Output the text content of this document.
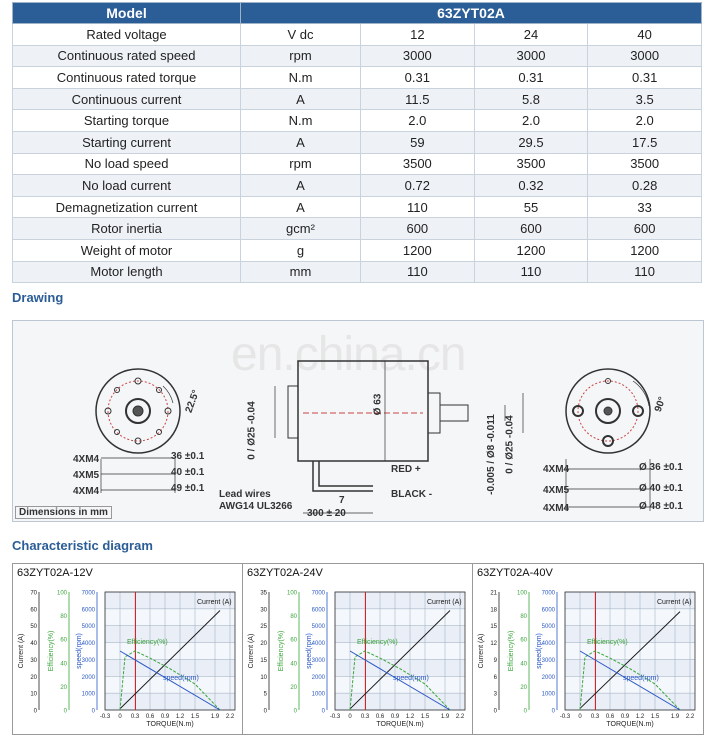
Model	63ZYT02A			
Rated voltage	V dc	12	24	40
Continuous rated speed	rpm	3000	3000	3000
Continuous rated torque	N.m	0.31	0.31	0.31
Continuous current	A	11.5	5.8	3.5
Starting torque	N.m	2.0	2.0	2.0
Starting current	A	59	29.5	17.5
No load speed	rpm	3500	3500	3500
No load current	A	0.72	0.32	0.28
Demagnetization current	A	110	55	33
Rotor inertia	gcm²	600	600	600
Weight of motor	g	1200	1200	1200
Motor length	mm	110	110	110
Drawing
en.china.cn
4XM4
4XM5
4XM4
36 ±0.1
40 ±0.1
49 ±0.1
22.5°	Ø 63
0 / Ø25 -0.04	-0.005 / Ø8 -0.011 0 / Ø25 -0.04
RED +
BLACK -
Lead wires
AWG14 UL3266
7
300 ± 20
4XM4
4XM5
4XM4
Ø 36 ±0.1
Ø 40 ±0.1
Ø 48 ±0.1
90°
Dimensions in mm
Characteristic diagram
0
10
20
30
40
50
60
70
Current (A)
0
20
40
60
80
100
Efficiency(%)
0
1000
2000
3000
4000
5000
6000
7000
speed(rpm)
-0.3 0 0.3 0.6 0.9 1.2 1.5 1.9 2.2
TORQUE(N.m)
Current (A)
Efficiency(%)
speed(rpm)
63ZYT02A-12V
0
5
10
15
20
25
30
35
Current (A)
0
20
40
60
80
100
Efficiency(%)
0
1000
2000
3000
4000
5000
6000
7000
speed(rpm)
-0.3 0 0.3 0.6 0.9 1.2 1.5 1.9 2.2
TORQUE(N.m)
Current (A)
Efficiency(%)
speed(rpm)
63ZYT02A-24V
0
3
6
9
12
15
18
21
Current (A)
0
20
40
60
80
100
Efficiency(%)
0
1000
2000
3000
4000
5000
6000
7000
speed(rpm)
-0.3 0 0.3 0.6 0.9 1.2 1.5 1.9 2.2
TORQUE(N.m)
Current (A)
Efficiency(%)
speed(rpm)
63ZYT02A-40V
